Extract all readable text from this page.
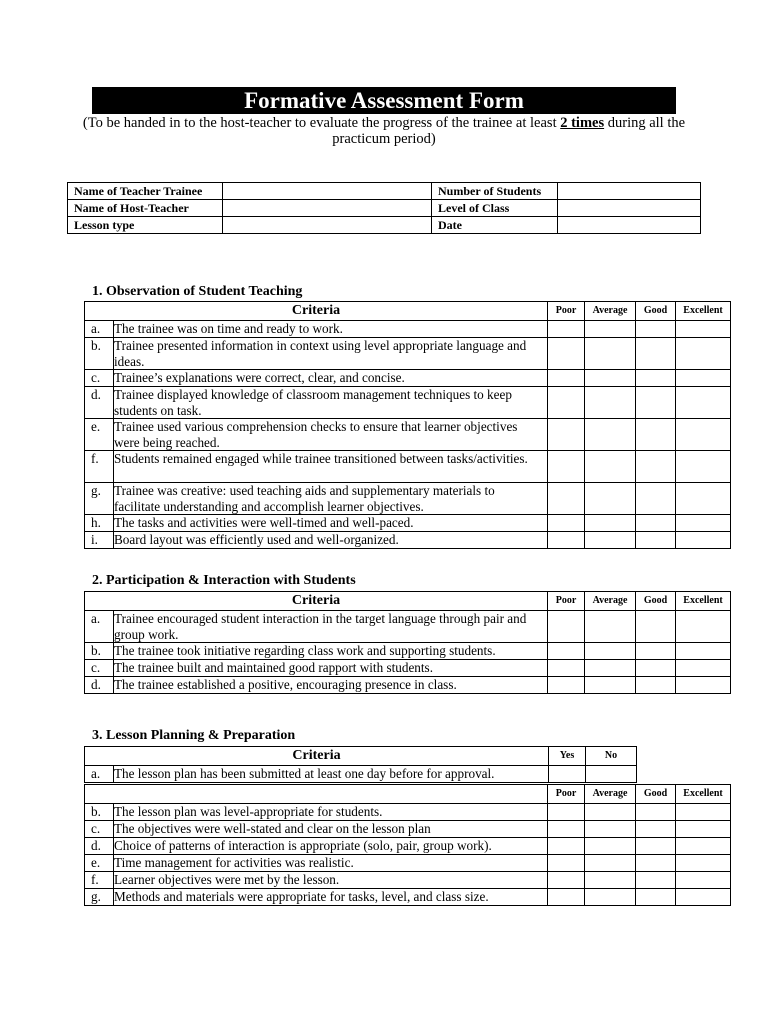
Formative Assessment Form
(To be handed in to the host-teacher to evaluate the progress of the trainee at least 2 times during all the practicum period)
Name of Teacher Trainee		Number of Students	
Name of Host-Teacher		Level of Class	
Lesson type		Date	
1. Observation of Student Teaching
Criteria		Poor	Average	Good	Excellent
a.	The trainee was on time and ready to work.				
b.	Trainee presented information in context using level appropriate language and ideas.				
c.	Trainee’s explanations were correct, clear, and concise.				
d.	Trainee displayed knowledge of classroom management techniques to keep students on task.				
e.	Trainee used various comprehension checks to ensure that learner objectives were being reached.				
f.	Students remained engaged while trainee transitioned between tasks/activities.				
g.	Trainee was creative: used teaching aids and supplementary materials to facilitate understanding and accomplish learner objectives.				
h.	The tasks and activities were well-timed and well-paced.				
i.	Board layout was efficiently used and well-organized.				
2. Participation & Interaction with Students
Criteria		Poor	Average	Good	Excellent
a.	Trainee encouraged student interaction in the target language through pair and group work.				
b.	The trainee took initiative regarding class work and supporting students.				
c.	The trainee built and maintained good rapport with students.				
d.	The trainee established a positive, encouraging presence in class.				
3. Lesson Planning & Preparation
Criteria		Yes	No
a.	The lesson plan has been submitted at least one day before for approval.		
		Poor	Average	Good	Excellent
b.	The lesson plan was level-appropriate for students.				
c.	The objectives were well-stated and clear on the lesson plan				
d.	Choice of patterns of interaction is appropriate (solo, pair, group work).				
e.	Time management for activities was realistic.				
f.	Learner objectives were met by the lesson.				
g.	Methods and materials were appropriate for tasks, level, and class size.				
